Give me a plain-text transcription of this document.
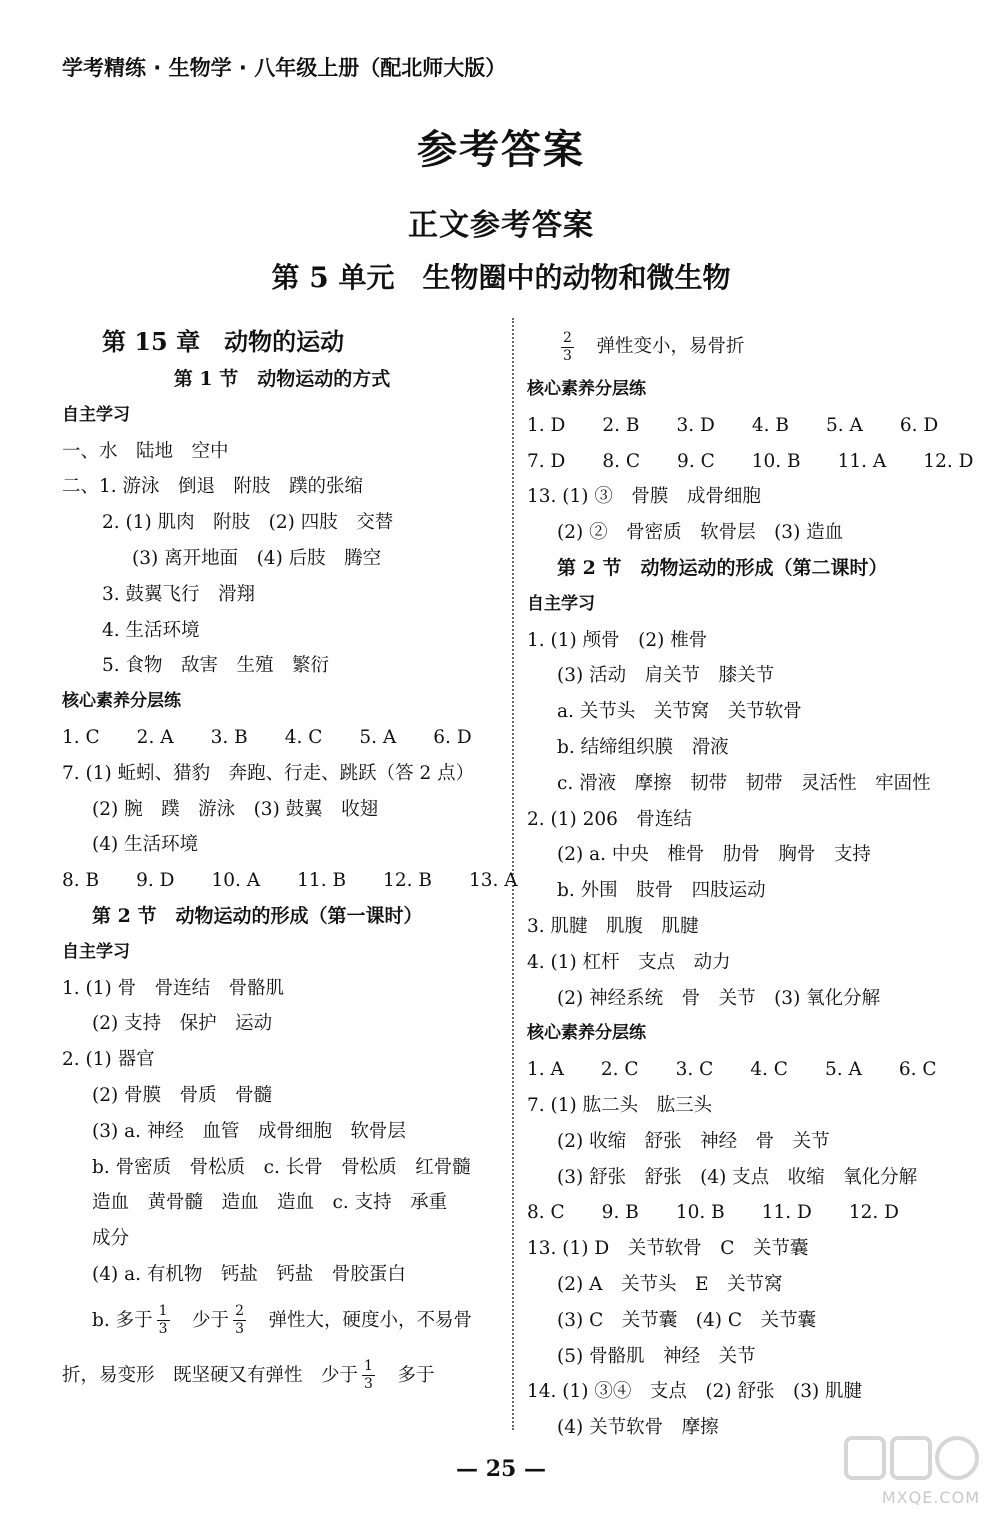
学考精练 · 生物学 · 八年级上册（配北师大版）
参考答案
正文参考答案
第 5 单元　生物圈中的动物和微生物
第 15 章　动物的运动
第 1 节　动物运动的方式
自主学习
一、水　陆地　空中
二、1. 游泳　倒退　附肢　蹼的张缩
2. (1) 肌肉　附肢　(2) 四肢　交替
(3) 离开地面　(4) 后肢　腾空
3. 鼓翼飞行　滑翔
4. 生活环境
5. 食物　敌害　生殖　繁衍
核心素养分层练
1. C　　2. A　　3. B　　4. C　　5. A　　6. D
7. (1) 蚯蚓、猎豹　奔跑、行走、跳跃（答 2 点）
(2) 腕　蹼　游泳　(3) 鼓翼　收翅
(4) 生活环境
8. B　　9. D　　10. A　　11. B　　12. B　　13. A
第 2 节　动物运动的形成（第一课时）
自主学习
1. (1) 骨　骨连结　骨骼肌
(2) 支持　保护　运动
2. (1) 器官
(2) 骨膜　骨质　骨髓
(3) a. 神经　血管　成骨细胞　软骨层
b. 骨密质　骨松质　c. 长骨　骨松质　红骨髓
造血　黄骨髓　造血　造血　c. 支持　承重
成分
(4) a. 有机物　钙盐　钙盐　骨胶蛋白
b. 多于 $\frac{1}{3}$
　 少于 $\frac{2}{3}$
　 弹性大，硬度小，不易骨
折，易变形　既坚硬又有弹性　少于 $\frac{1}{3}$
　 多于
$\frac{2}{3}$
　 弹性变小，易骨折
核心素养分层练
1. D　　2. B　　3. D　　4. B　　5. A　　6. D
7. D　　8. C　　9. C　　10. B　　11. A　　12. D
13. (1) ③　骨膜　成骨细胞
(2) ②　骨密质　软骨层　(3) 造血
第 2 节　动物运动的形成（第二课时）
自主学习
1. (1) 颅骨　(2) 椎骨
(3) 活动　肩关节　膝关节
a. 关节头　关节窝　关节软骨
b. 结缔组织膜　滑液
c. 滑液　摩擦　韧带　韧带　灵活性　牢固性
2. (1) 206　骨连结
(2) a. 中央　椎骨　肋骨　胸骨　支持
b. 外围　肢骨　四肢运动
3. 肌腱　肌腹　肌腱
4. (1) 杠杆　支点　动力
(2) 神经系统　骨　关节　(3) 氧化分解
核心素养分层练
1. A　　2. C　　3. C　　4. C　　5. A　　6. C
7. (1) 肱二头　肱三头
(2) 收缩　舒张　神经　骨　关节
(3) 舒张　舒张　(4) 支点　收缩　氧化分解
8. C　　9. B　　10. B　　11. D　　12. D
13. (1) D　关节软骨　C　关节囊
(2) A　关节头　E　关节窝
(3) C　关节囊　(4) C　关节囊
(5) 骨骼肌　神经　关节
14. (1) ③④　支点　(2) 舒张　(3) 肌腱
(4) 关节软骨　摩擦
— 25 —
MXQE.COM
